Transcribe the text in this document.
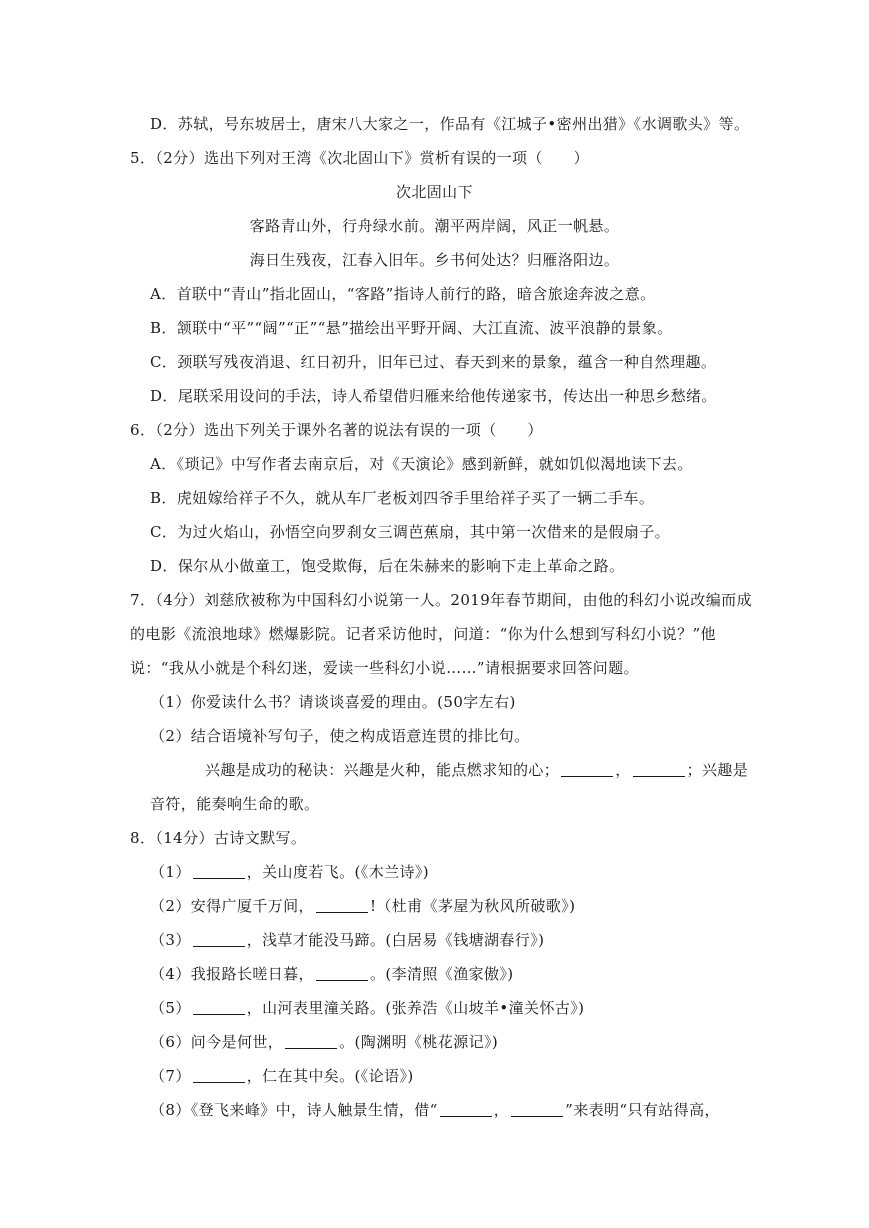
D．苏轼，号东坡居士，唐宋八大家之一，作品有《江城子•密州出猎》《水调歌头》等。
5．（2分）选出下列对王湾《次北固山下》赏析有误的一项（　　）
次北固山下
客路青山外，行舟绿水前。潮平两岸阔，风正一帆悬。
海日生残夜，江春入旧年。乡书何处达？归雁洛阳边。
A．首联中“青山”指北固山，“客路”指诗人前行的路，暗含旅途奔波之意。
B．颔联中“平”“阔”“正”“悬”描绘出平野开阔、大江直流、波平浪静的景象。
C．颈联写残夜消退、红日初升，旧年已过、春天到来的景象，蕴含一种自然理趣。
D．尾联采用设问的手法，诗人希望借归雁来给他传递家书，传达出一种思乡愁绪。
6．（2分）选出下列关于课外名著的说法有误的一项（　　）
A．《琐记》中写作者去南京后，对《天演论》感到新鲜，就如饥似渴地读下去。
B．虎妞嫁给祥子不久，就从车厂老板刘四爷手里给祥子买了一辆二手车。
C．为过火焰山，孙悟空向罗刹女三调芭蕉扇，其中第一次借来的是假扇子。
D．保尔从小做童工，饱受欺侮，后在朱赫来的影响下走上革命之路。
7．（4分）刘慈欣被称为中国科幻小说第一人。2019年春节期间，由他的科幻小说改编而成
的电影《流浪地球》燃爆影院。记者采访他时，问道：“你为什么想到写科幻小说？”他
说：“我从小就是个科幻迷，爱读一些科幻小说……”请根据要求回答问题。
（1）你爱读什么书？请谈谈喜爱的理由。(50字左右)
（2）结合语境补写句子，使之构成语意连贯的排比句。
兴趣是成功的秘诀：兴趣是火种，能点燃求知的心；	，	；兴趣是
音符，能奏响生命的歌。
8．（14分）古诗文默写。
（1）	，关山度若飞。(《木兰诗》)
（2）安得广厦千万间，	!（杜甫《茅屋为秋风所破歌》)
（3）	，浅草才能没马蹄。(白居易《钱塘湖春行》)
（4）我报路长嗟日暮，	。(李清照《渔家傲》)
（5）	，山河表里潼关路。(张养浩《山坡羊•潼关怀古》)
（6）问今是何世，	。(陶渊明《桃花源记》)
（7）	，仁在其中矣。(《论语》)
（8）《登飞来峰》中，诗人触景生情，借“	，	”来表明“只有站得高，
